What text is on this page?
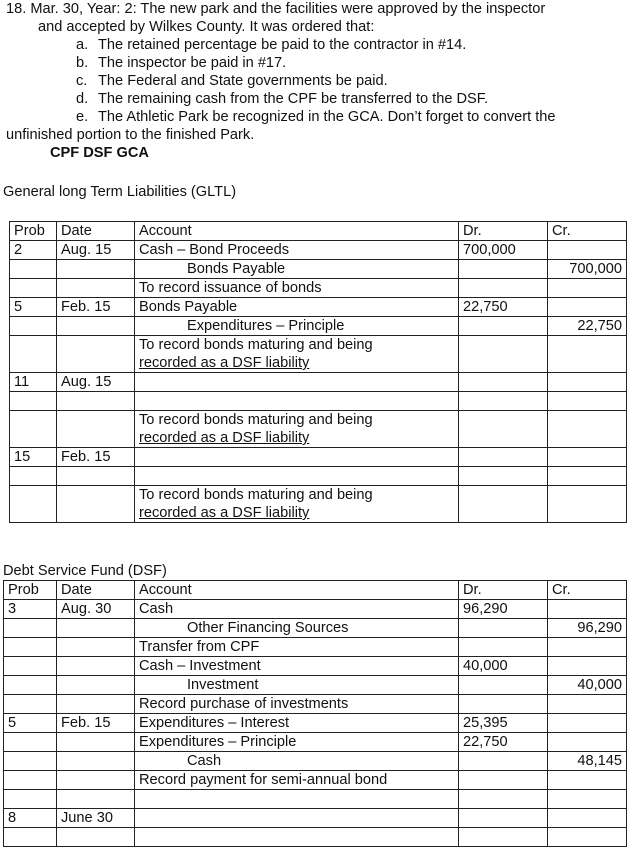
18. Mar. 30, Year: 2: The new park and the facilities were approved by the inspector
and accepted by Wilkes County. It was ordered that:
a. The retained percentage be paid to the contractor in #14.
b. The inspector be paid in #17.
c. The Federal and State governments be paid.
d. The remaining cash from the CPF be transferred to the DSF.
e. The Athletic Park be recognized in the GCA. Don’t forget to convert the
unfinished portion to the finished Park.
CPF DSF GCA
General long Term Liabilities (GLTL)
Prob	Date	Account	Dr.	Cr.
2	Aug. 15	Cash – Bond Proceeds	700,000	
		Bonds Payable		700,000
		To record issuance of bonds		
5	Feb. 15	Bonds Payable	22,750	
		Expenditures – Principle		22,750

		To record bonds maturing and being
recorded as a DSF liability		

11	Aug. 15			

		To record bonds maturing and being
recorded as a DSF liability		

15	Feb. 15			

		To record bonds maturing and being
recorded as a DSF liability		

Debt Service Fund (DSF)
Prob	Date	Account	Dr.	Cr.
3	Aug. 30	Cash	96,290	
		Other Financing Sources		96,290
		Transfer from CPF		
		Cash – Investment	40,000	
		Investment		40,000
		Record purchase of investments		
5	Feb. 15	Expenditures – Interest	25,395	
		Expenditures – Principle	22,750	
		Cash		48,145
		Record payment for semi-annual bond		

8	June 30			
